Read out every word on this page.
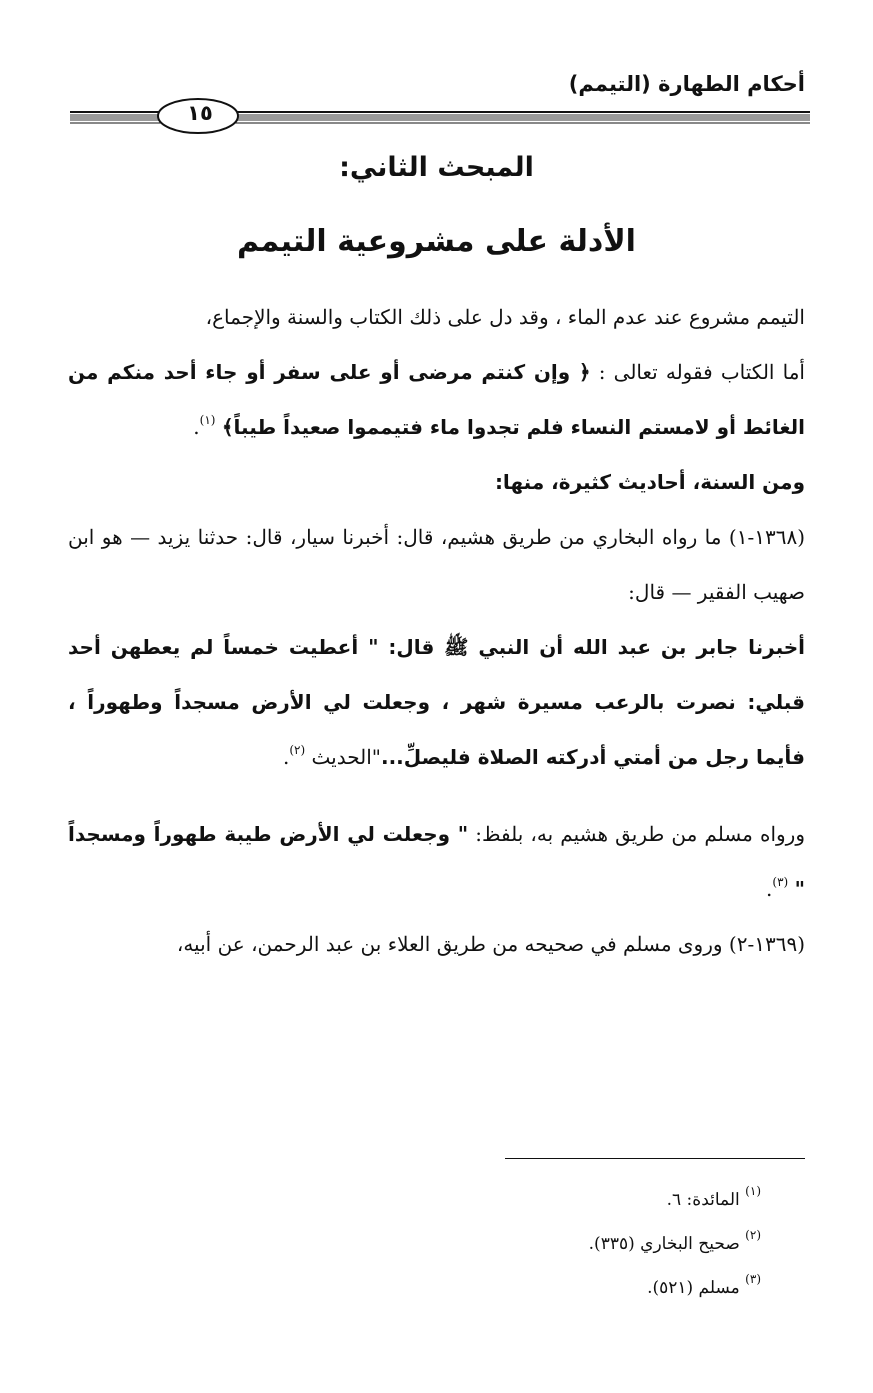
أحكام الطهارة (التيمم)
١٥
المبحث الثاني:
الأدلة على مشروعية التيمم

التيمم مشروع عند عدم الماء ، وقد دل على ذلك الكتاب والسنة والإجماع،

أما الكتاب فقوله تعالى : ﴿ وإن كنتم مرضى أو على سفر أو جاء أحد منكم من الغائط أو لامستم النساء فلم تجدوا ماء فتيمموا صعيداً طيباً﴾ $^{(١)}$.

ومن السنة، أحاديث كثيرة، منها:

(١٣٦٨-١) ما رواه البخاري من طريق هشيم، قال: أخبرنا سيار، قال: حدثنا يزيد — هو ابن صهيب الفقير — قال:

أخبرنا جابر بن عبد الله أن النبي ﷺ قال: " أعطيت خمساً لم يعطهن أحد قبلي: نصرت بالرعب مسيرة شهر ، وجعلت لي الأرض مسجداً وطهوراً ، فأيما رجل من أمتي أدركته الصلاة فليصلِّ..."الحديث $^{(٢)}$.

ورواه مسلم من طريق هشيم به، بلفظ: " وجعلت لي الأرض طيبة طهوراً ومسجداً " $^{(٣)}$.

(١٣٦٩-٢) وروى مسلم في صحيحه من طريق العلاء بن عبد الرحمن، عن أبيه،

$^{(١)}$ المائدة: ٦.
$^{(٢)}$ صحيح البخاري (٣٣٥).
$^{(٣)}$ مسلم (٥٢١).
